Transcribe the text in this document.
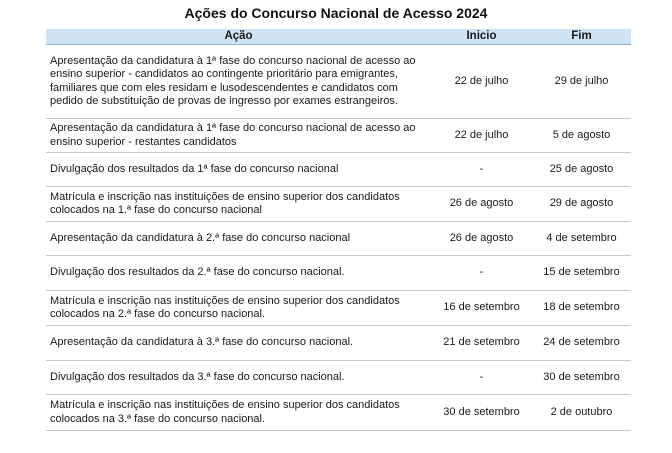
Ações do Concurso Nacional de Acesso 2024
Ação	Inicio	Fim
Apresentação da candidatura à 1ª fase do concurso nacional de acesso ao ensino superior - candidatos ao contingente prioritário para emigrantes, familiares que com eles residam e lusodescendentes e candidatos com pedido de substituição de provas de ingresso por exames estrangeiros.	22 de julho	29 de julho
Apresentação da candidatura à 1ª fase do concurso nacional de acesso ao ensino superior - restantes candidatos	22 de julho	5 de agosto
Divulgação dos resultados da 1ª fase do concurso nacional	-	25 de agosto
Matrícula e inscrição nas instituições de ensino superior dos candidatos colocados na 1.ª fase do concurso nacional	26 de agosto	29 de agosto
Apresentação da candidatura à 2.ª fase do concurso nacional	26 de agosto	4 de setembro
Divulgação dos resultados da 2.ª fase do concurso nacional.	-	15 de setembro
Matrícula e inscrição nas instituições de ensino superior dos candidatos colocados na 2.ª fase do concurso nacional.	16 de setembro	18 de setembro
Apresentação da candidatura à 3.ª fase do concurso nacional.	21 de setembro	24 de setembro
Divulgação dos resultados da 3.ª fase do concurso nacional.	-	30 de setembro
Matrícula e inscrição nas instituições de ensino superior dos candidatos colocados na 3.ª fase do concurso nacional.	30 de setembro	2 de outubro
